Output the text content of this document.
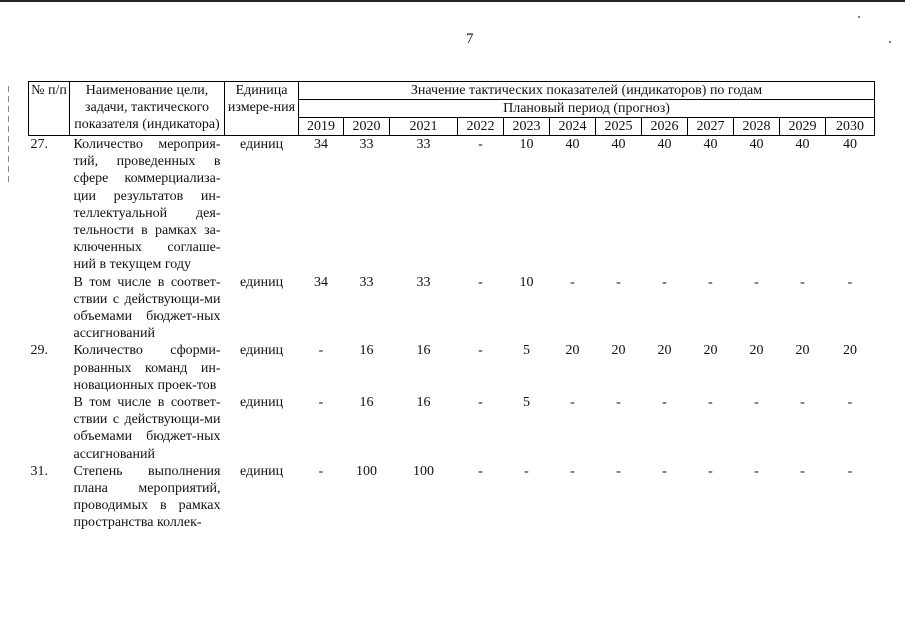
7
№ п/п	Наименование цели, задачи, тактического показателя (индикатора)	Единица измере-ния	Значение тактических показателей (индикаторов) по годам											
			Плановый период (прогноз)											
			2019	2020	2021	2022	2023	2024	2025	2026	2027	2028	2029	2030
27.	Количество мероприя-тий, проведенных в сфере коммерциализа-ции результатов ин-теллектуальной дея-тельности в рамках за-ключенных соглаше-ний в текущем году	единиц	34	33	33	-	10	40	40	40	40	40	40	40
	В том числе в соответ-ствии с действующи-ми объемами бюджет-ных ассигнований	единиц	34	33	33	-	10	-	-	-	-	-	-	-
29.	Количество сформи-рованных команд ин-новационных проек-тов	единиц	-	16	16	-	5	20	20	20	20	20	20	20
	В том числе в соответ-ствии с действующи-ми объемами бюджет-ных ассигнований	единиц	-	16	16	-	5	-	-	-	-	-	-	-
31.	Степень выполнения плана мероприятий, проводимых в рамках пространства коллек-	единиц	-	100	100	-	-	-	-	-	-	-	-	-
